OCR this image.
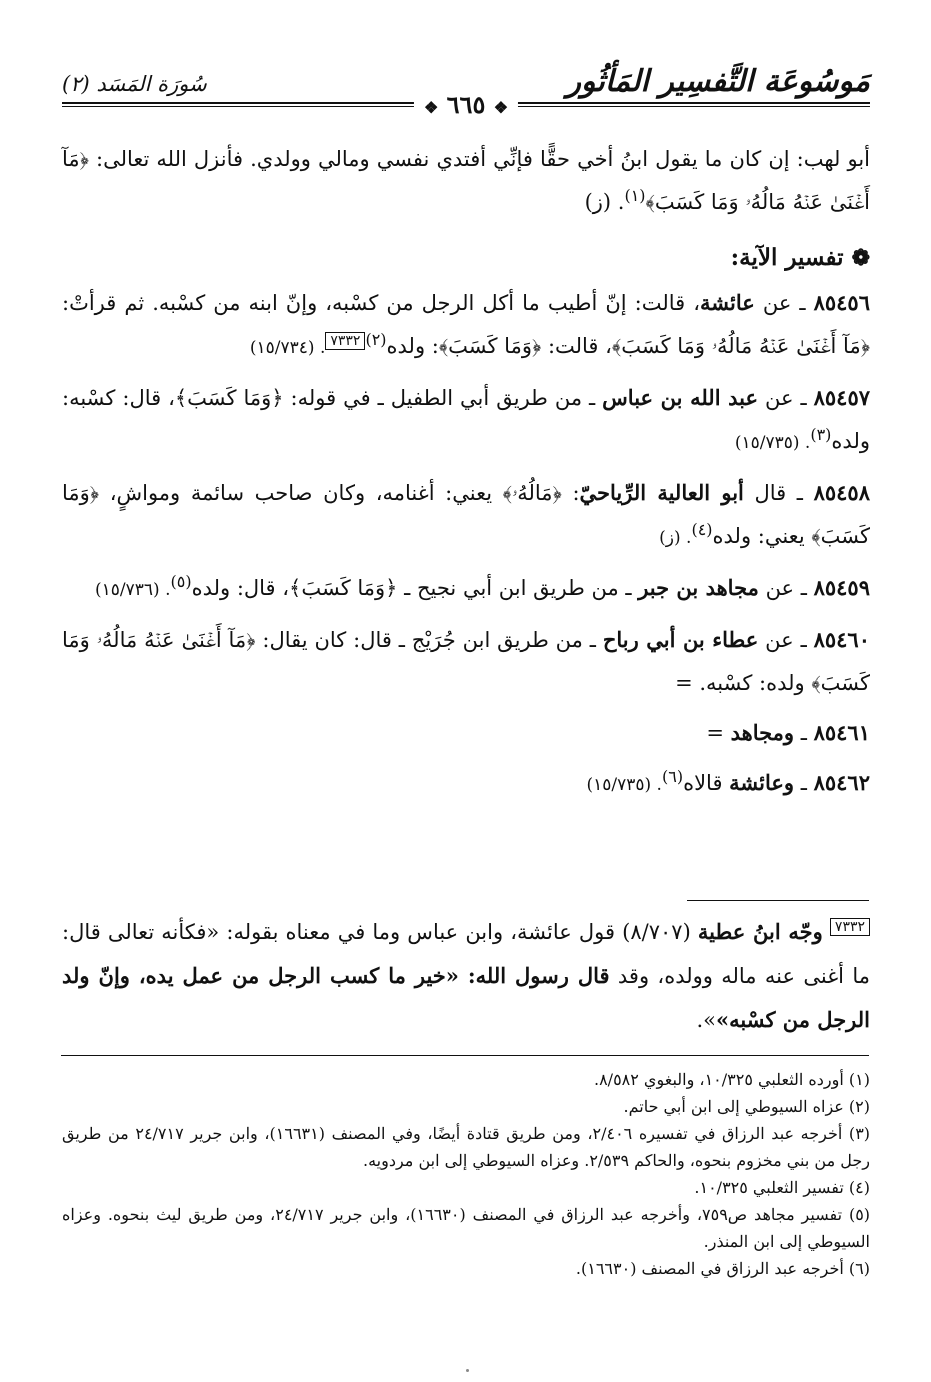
مَوسُوعَة التَّفسِير المَأثُور
سُورَة المَسَد (٢)
❖ ٦٦٥ ❖

أبو لهب: إن كان ما يقول ابنُ أخي حقًّا فإنِّي أفتدي نفسي ومالي وولدي. فأنزل الله تعالى: ﴿مَآ أَغۡنَىٰ عَنۡهُ مَالُهُۥ وَمَا كَسَبَ﴾$^{(١)}$. (ز)

❁تفسير الآية:

٨٥٤٥٦ ـ عن عائشة، قالت: إنّ أطيب ما أكل الرجل من كسْبه، وإنّ ابنه من كسْبه. ثم قرأتْ: ﴿مَآ أَغۡنَىٰ عَنۡهُ مَالُهُۥ وَمَا كَسَبَ﴾، قالت: ﴿وَمَا كَسَبَ﴾: ولده$^{(٢)٧٣٣٢}$. (١٥/٧٣٤)

٨٥٤٥٧ ـ عن عبد الله بن عباس ـ من طريق أبي الطفيل ـ في قوله: ﴿وَمَا كَسَبَ﴾، قال: كسْبه: ولده$^{(٣)}$. (١٥/٧٣٥)

٨٥٤٥٨ ـ قال أبو العالية الرِّياحيّ: ﴿مَالُهُۥ﴾ يعني: أغنامه، وكان صاحب سائمة ومواشٍ، ﴿وَمَا كَسَبَ﴾ يعني: ولده$^{(٤)}$. (ز)

٨٥٤٥٩ ـ عن مجاهد بن جبر ـ من طريق ابن أبي نجيح ـ ﴿وَمَا كَسَبَ﴾، قال: ولده$^{(٥)}$. (١٥/٧٣٦)

٨٥٤٦٠ ـ عن عطاء بن أبي رباح ـ من طريق ابن جُرَيْج ـ قال: كان يقال: ﴿مَآ أَغۡنَىٰ عَنۡهُ مَالُهُۥ وَمَا كَسَبَ﴾ ولده: كسْبه. =

٨٥٤٦١ ـ ومجاهد =

٨٥٤٦٢ ـ وعائشة قالاه$^{(٦)}$. (١٥/٧٣٥)

$^{٧٣٣٢}$ وجّه ابنُ عطية (٨/٧٠٧) قول عائشة، وابن عباس وما في معناه بقوله: «فكأنه تعالى قال: ما أغنى عنه ماله وولده، وقد قال رسول الله: «خير ما كسب الرجل من عمل يده، وإنّ ولد الرجل من كسْبه»».

(١) أورده الثعلبي ١٠/٣٢٥، والبغوي ٨/٥٨٢.

(٢) عزاه السيوطي إلى ابن أبي حاتم.

(٣) أخرجه عبد الرزاق في تفسيره ٢/٤٠٦، ومن طريق قتادة أيضًا، وفي المصنف (١٦٦٣١)، وابن جرير ٢٤/٧١٧ من طريق رجل من بني مخزوم بنحوه، والحاكم ٢/٥٣٩. وعزاه السيوطي إلى ابن مردويه.

(٤) تفسير الثعلبي ١٠/٣٢٥.

(٥) تفسير مجاهد ص٧٥٩، وأخرجه عبد الرزاق في المصنف (١٦٦٣٠)، وابن جرير ٢٤/٧١٧، ومن طريق ليث بنحوه. وعزاه السيوطي إلى ابن المنذر.

(٦) أخرجه عبد الرزاق في المصنف (١٦٦٣٠).
